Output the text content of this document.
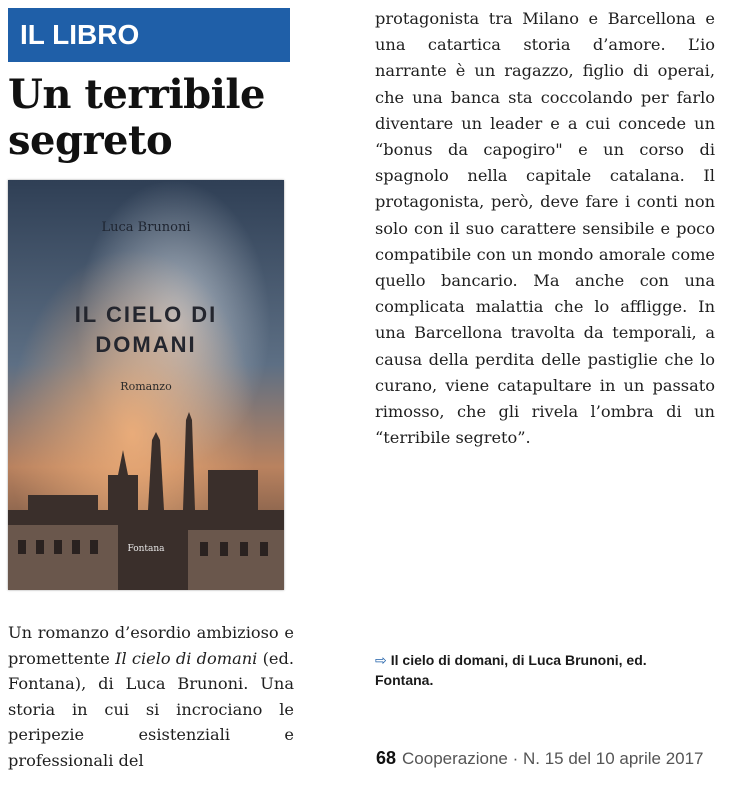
IL LIBRO
Un terribile
segreto
Luca Brunoni
IL CIELO DI
DOMANI
Romanzo
Fontana

Un romanzo d’esordio ambizioso e promettente Il cielo di domani (ed. Fontana), di Luca Brunoni. Una storia in cui si incrociano le peripezie esistenziali e professionali del

protagonista tra Milano e Barcellona e una catartica storia d’amore. L’io narrante è un ragazzo, figlio di operai, che una banca sta coccolando per farlo diventare un leader e a cui concede un “bonus da capogiro" e un corso di spagnolo nella capitale catalana. Il protagonista, però, deve fare i conti non solo con il suo carattere sensibile e poco compatibile con un mondo amorale come quello bancario. Ma anche con una complicata malattia che lo affligge. In una Barcellona travolta da temporali, a causa della perdita delle pastiglie che lo curano, viene catapultare in un passato rimosso, che gli rivela l’ombra di un “terribile segreto”.

⇨ Il cielo di domani, di Luca Brunoni, ed. Fontana.
68 Cooperazione · N. 15 del 10 aprile 2017
